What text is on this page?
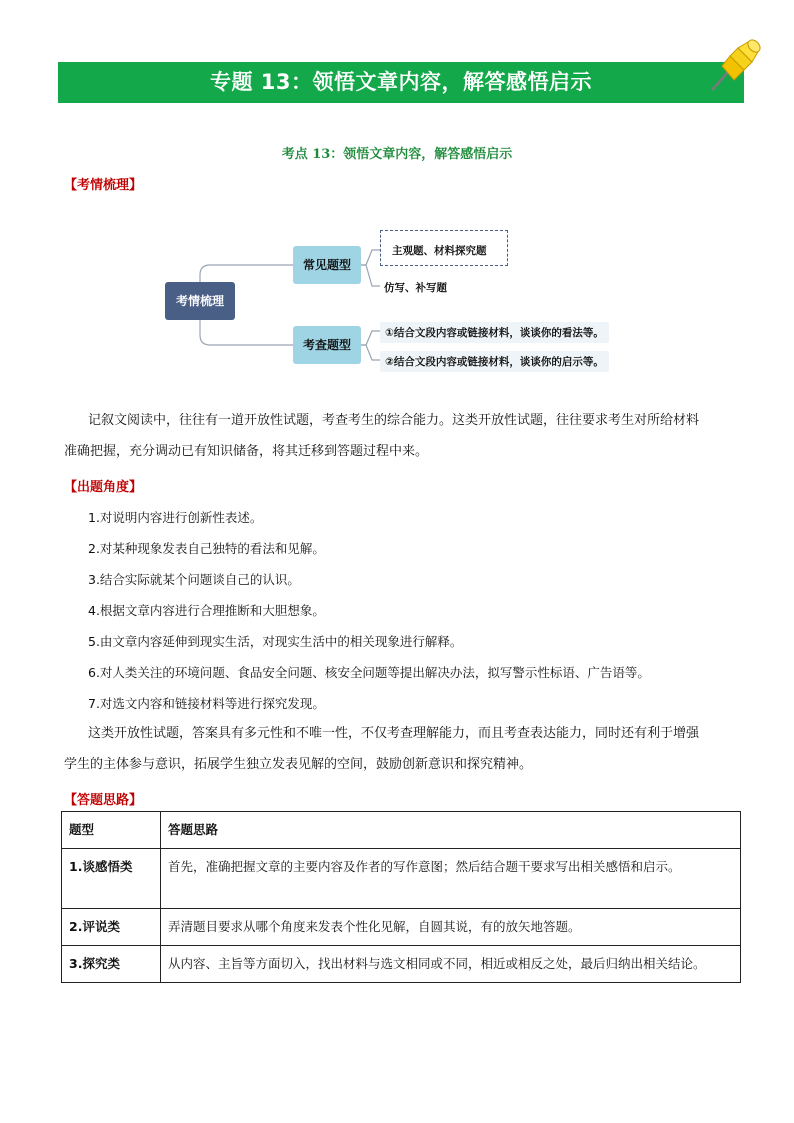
专题 13：领悟文章内容，解答感悟启示
考点 13：领悟文章内容，解答感悟启示
【考情梳理】
考情梳理
常见题型
考查题型
主观题、材料探究题
仿写、补写题
①结合文段内容或链接材料，谈谈你的看法等。
②结合文段内容或链接材料，谈谈你的启示等。
记叙文阅读中，往往有一道开放性试题，考查考生的综合能力。这类开放性试题，往往要求考生对所给材料
准确把握，充分调动已有知识储备，将其迁移到答题过程中来。
【出题角度】
1.对说明内容进行创新性表述。
2.对某种现象发表自己独特的看法和见解。
3.结合实际就某个问题谈自己的认识。
4.根据文章内容进行合理推断和大胆想象。
5.由文章内容延伸到现实生活，对现实生活中的相关现象进行解释。
6.对人类关注的环境问题、食品安全问题、核安全问题等提出解决办法，拟写警示性标语、广告语等。
7.对选文内容和链接材料等进行探究发现。
这类开放性试题，答案具有多元性和不唯一性，不仅考查理解能力，而且考查表达能力，同时还有利于增强
学生的主体参与意识，拓展学生独立发表见解的空间，鼓励创新意识和探究精神。
【答题思路】
题型	答题思路
1.谈感悟类	首先，准确把握文章的主要内容及作者的写作意图；然后结合题干要求写出相关感悟和启示。
2.评说类	弄清题目要求从哪个角度来发表个性化见解，自圆其说，有的放矢地答题。
3.探究类	从内容、主旨等方面切入，找出材料与选文相同或不同，相近或相反之处，最后归纳出相关结论。
